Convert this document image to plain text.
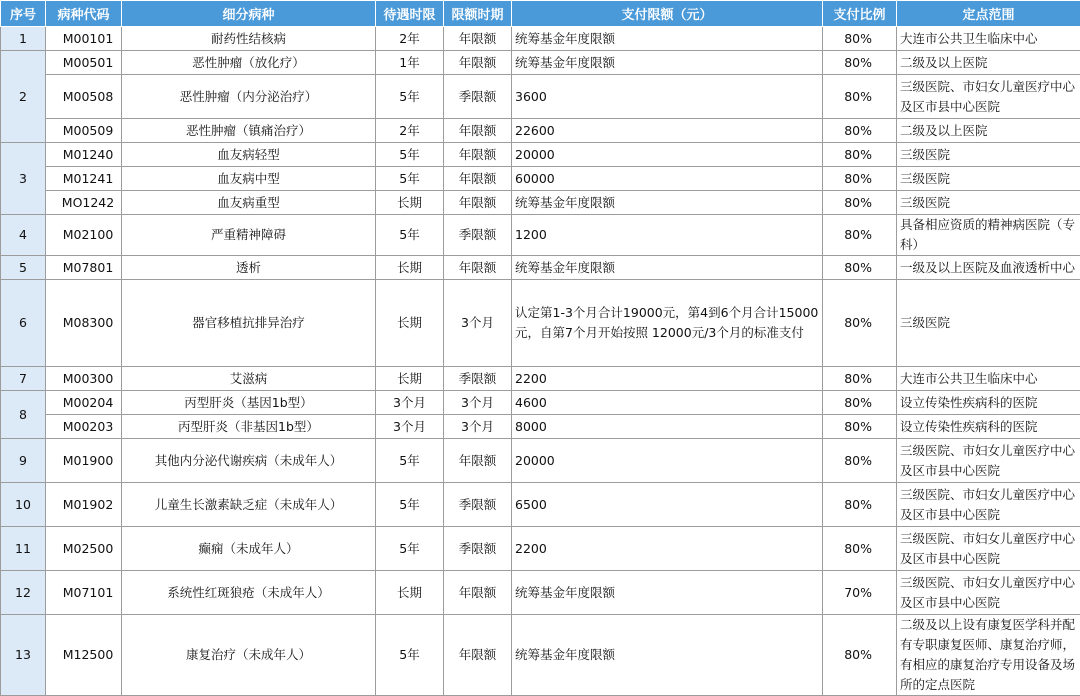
序号	病种代码	细分病种	待遇时限	限额时期	支付限额（元）	支付比例	定点范围
1	M00101	耐药性结核病	2年	年限额	统筹基金年度限额	80%	大连市公共卫生临床中心
2	M00501	恶性肿瘤（放化疗）	1年	年限额	统筹基金年度限额	80%	二级及以上医院
	M00508	恶性肿瘤（内分泌治疗）	5年	季限额	3600	80%	三级医院、市妇女儿童医疗中心及区市县中心医院
	M00509	恶性肿瘤（镇痛治疗）	2年	年限额	22600	80%	二级及以上医院
3	M01240	血友病轻型	5年	年限额	20000	80%	三级医院
	M01241	血友病中型	5年	年限额	60000	80%	三级医院
	MO1242	血友病重型	长期	年限额	统筹基金年度限额	80%	三级医院
4	M02100	严重精神障碍	5年	季限额	1200	80%	具备相应资质的精神病医院（专科）
5	M07801	透析	长期	年限额	统筹基金年度限额	80%	一级及以上医院及血液透析中心
6	M08300	器官移植抗排异治疗	长期	3个月	认定第1-3个月合计19000元，第4到6个月合计15000元，自第7个月开始按照 12000元/3个月的标准支付	80%	三级医院
7	M00300	艾滋病	长期	季限额	2200	80%	大连市公共卫生临床中心
8	M00204	丙型肝炎（基因1b型）	3个月	3个月	4600	80%	设立传染性疾病科的医院
	M00203	丙型肝炎（非基因1b型）	3个月	3个月	8000	80%	设立传染性疾病科的医院
9	M01900	其他内分泌代谢疾病（未成年人）	5年	年限额	20000	80%	三级医院、市妇女儿童医疗中心及区市县中心医院
10	M01902	儿童生长激素缺乏症（未成年人）	5年	季限额	6500	80%	三级医院、市妇女儿童医疗中心及区市县中心医院
11	M02500	癫痫（未成年人）	5年	季限额	2200	80%	三级医院、市妇女儿童医疗中心及区市县中心医院
12	M07101	系统性红斑狼疮（未成年人）	长期	年限额	统筹基金年度限额	70%	三级医院、市妇女儿童医疗中心及区市县中心医院
13	M12500	康复治疗（未成年人）	5年	年限额	统筹基金年度限额	80%	二级及以上设有康复医学科并配有专职康复医师、康复治疗师，有相应的康复治疗专用设备及场所的定点医院
